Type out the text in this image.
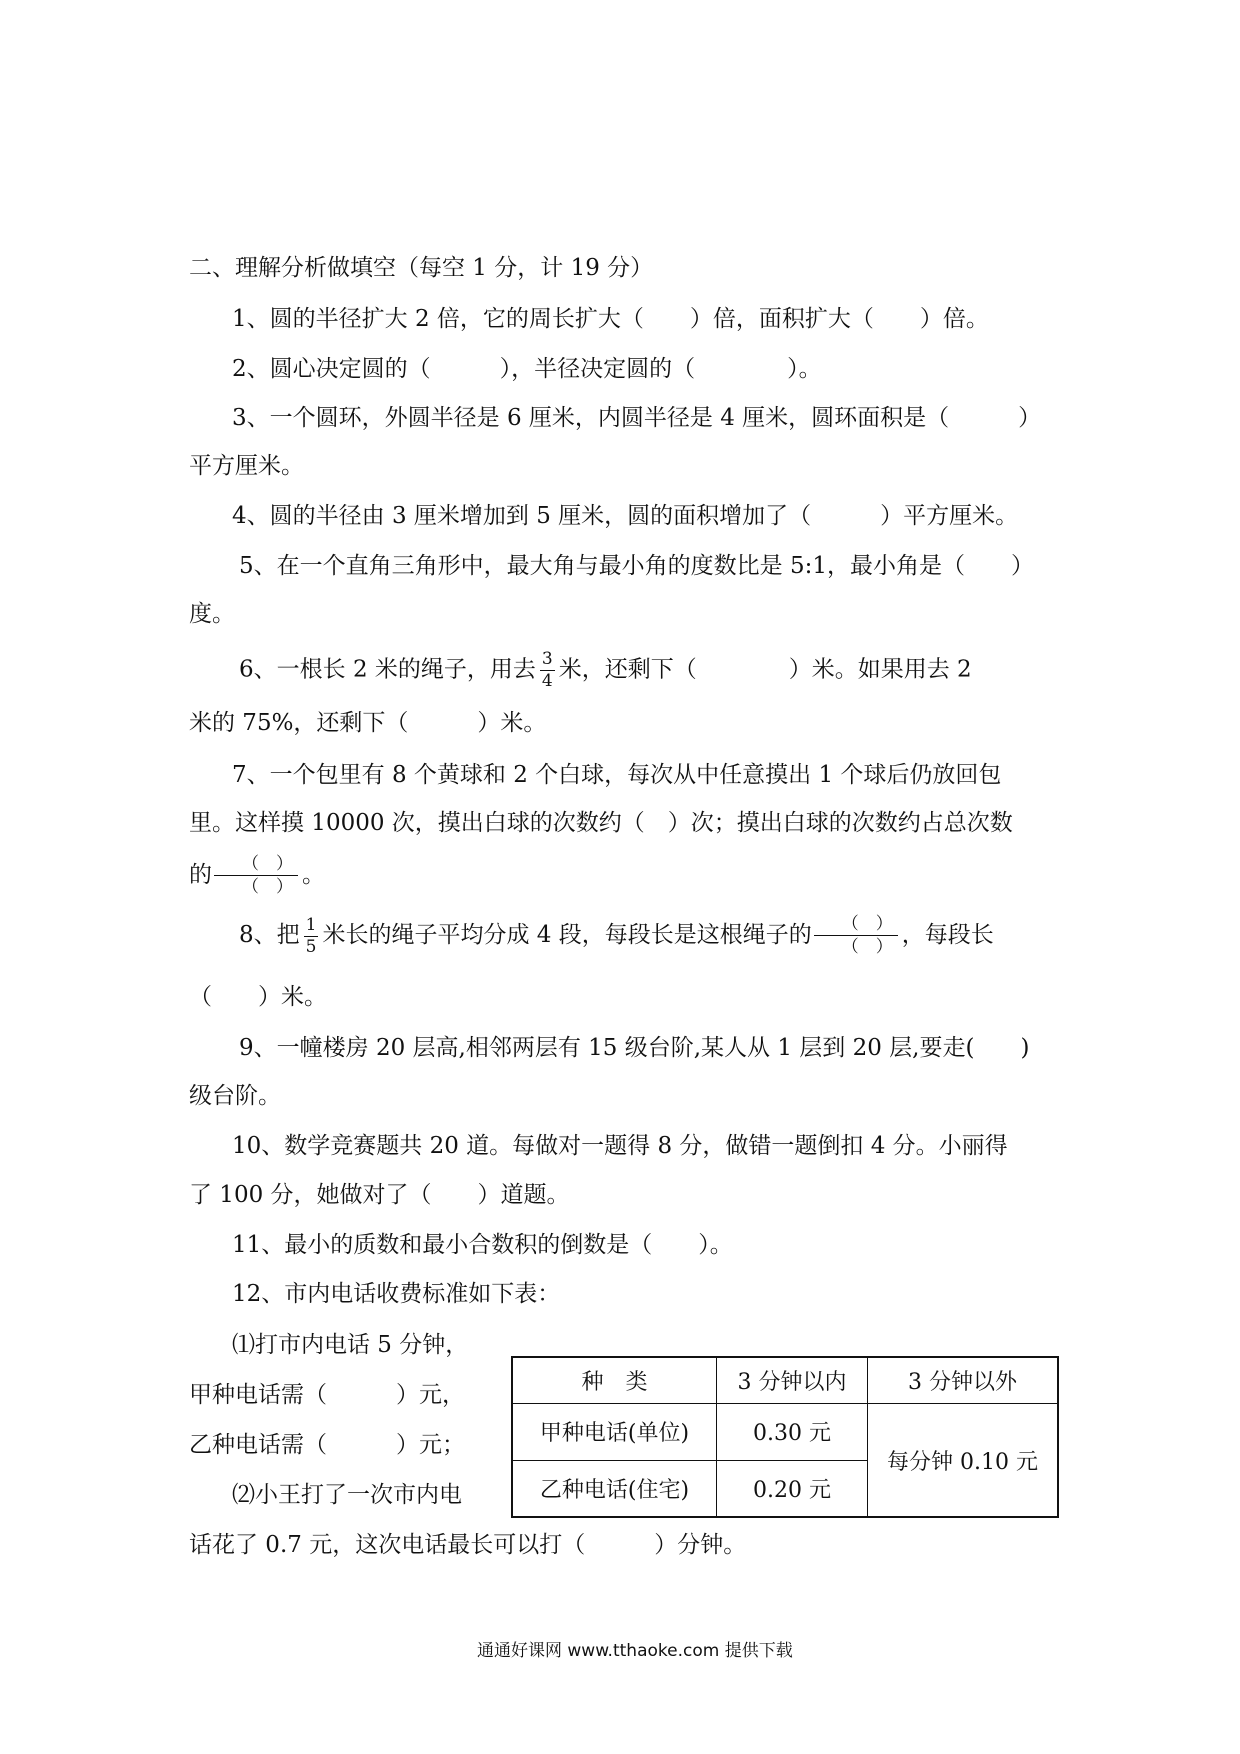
二、理解分析做填空（每空 1 分，计 19 分）
1、圆的半径扩大 2 倍，它的周长扩大（　　）倍，面积扩大（　　）倍。
2、圆心决定圆的（　　　），半径决定圆的（　　　　）。
3、一个圆环，外圆半径是 6 厘米，内圆半径是 4 厘米，圆环面积是（　　　）
平方厘米。
4、圆的半径由 3 厘米增加到 5 厘米，圆的面积增加了（　　　）平方厘米。
5、在一个直角三角形中，最大角与最小角的度数比是 5:1，最小角是（　　）
度。
6、一根长 2 米的绳子，用去 $\frac{3}{4}$ 米，还剩下（　　　　）米。如果用去 2
米的 75%，还剩下（　　　）米。
7、一个包里有 8 个黄球和 2 个白球，每次从中任意摸出 1 个球后仍放回包
里。这样摸 10000 次，摸出白球的次数约（　）次；摸出白球的次数约占总次数
的	（　）
（　） 。
8、把 $\frac{1}{5}$ 米长的绳子平均分成 4 段，每段长是这根绳子的	（　）
（　） ，每段长
（　　）米。
9、一幢楼房 20 层高,相邻两层有 15 级台阶,某人从 1 层到 20 层,要走(　　)
级台阶。
10、数学竞赛题共 20 道。每做对一题得 8 分，做错一题倒扣 4 分。小丽得
了 100 分，她做对了（　　）道题。
11、最小的质数和最小合数积的倒数是（　　）。
12、市内电话收费标准如下表：
⑴打市内电话 5 分钟，
甲种电话需（　　　）元，
乙种电话需（　　　）元；
⑵小王打了一次市内电
话花了 0.7 元，这次电话最长可以打（　　　）分钟。
种　类	3 分钟以内	3 分钟以外
甲种电话(单位)	0.30 元	每分钟 0.10 元
乙种电话(住宅)	0.20 元	
通通好课网 www.tthaoke.com 提供下载
